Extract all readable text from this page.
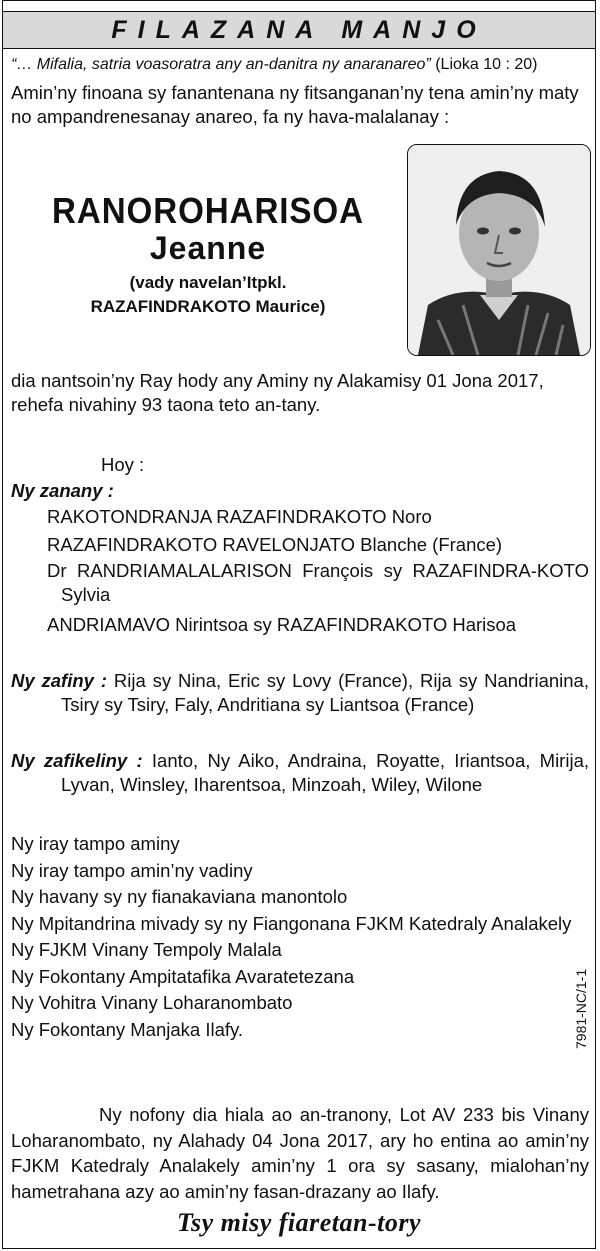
FILAZANA MANJO
“… Mifalia, satria voasoratra any an-danitra ny anaranareo” (Lioka 10 : 20)
Amin’ny finoana sy fanantenana ny fitsanganan’ny tena amin’ny maty no ampandrenesanay anareo, fa ny hava-malalanay :
RANOROHARISOA
Jeanne
(vady navelan’Itpkl.
RAZAFINDRAKOTO Maurice)
dia nantsoin’ny Ray hody any Aminy ny Alakamisy 01 Jona 2017, rehefa nivahiny 93 taona teto an-tany.
Hoy :
Ny zanany :
RAKOTONDRANJA RAZAFINDRAKOTO Noro
RAZAFINDRAKOTO RAVELONJATO Blanche (France)
Dr RANDRIAMALALARISON François sy RAZAFINDRA-KOTO Sylvia
ANDRIAMAVO Nirintsoa sy RAZAFINDRAKOTO Harisoa
Ny zafiny : Rija sy Nina, Eric sy Lovy (France), Rija sy Nandrianina, Tsiry sy Tsiry, Faly, Andritiana sy Liantsoa (France)
Ny zafikeliny : Ianto, Ny Aiko, Andraina, Royatte, Iriantsoa, Mirija, Lyvan, Winsley, Iharentsoa, Minzoah, Wiley, Wilone
Ny iray tampo aminy
Ny iray tampo amin’ny vadiny
Ny havany sy ny fianakaviana manontolo
Ny Mpitandrina mivady sy ny Fiangonana FJKM Katedraly Analakely
Ny FJKM Vinany Tempoly Malala
Ny Fokontany Ampitatafika Avaratetezana
Ny Vohitra Vinany Loharanombato
Ny Fokontany Manjaka Ilafy.	7981-NC/1-1
Ny nofony dia hiala ao an-tranony, Lot AV 233 bis Vinany Loharanombato, ny Alahady 04 Jona 2017, ary ho entina ao amin’ny FJKM Katedraly Analakely amin’ny 1 ora sy sasany, mialohan’ny hametrahana azy ao amin’ny fasan-drazany ao Ilafy.
Tsy misy fiaretan-tory
